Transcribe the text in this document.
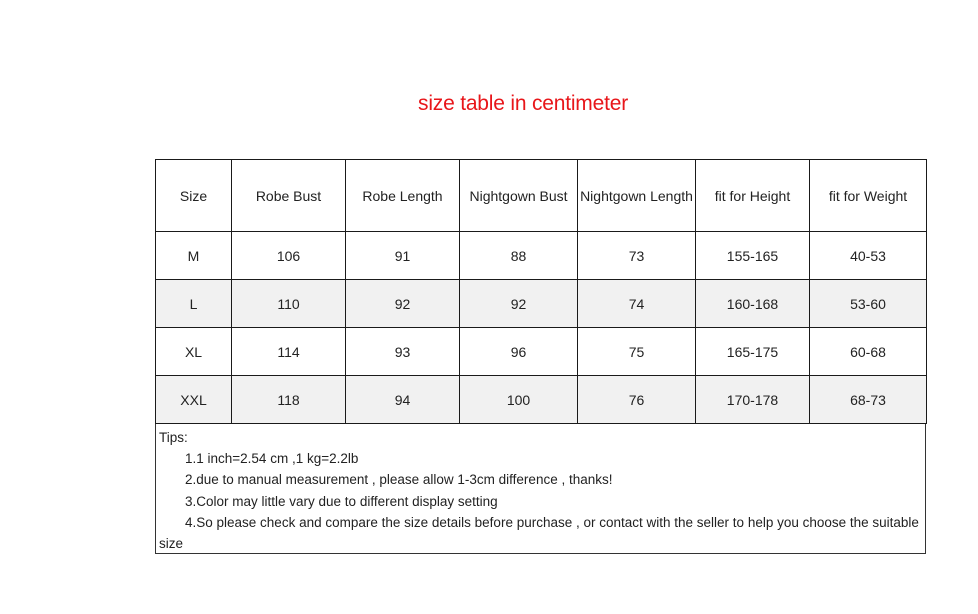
size table in centimeter
Size	Robe Bust	Robe Length	Nightgown Bust	Nightgown Length	fit for Height	fit for Weight
M	106	91	88	73	155-165	40-53
L	110	92	92	74	160-168	53-60
XL	114	93	96	75	165-175	60-68
XXL	118	94	100	76	170-178	68-73
Tips:
1.1 inch=2.54 cm ,1 kg=2.2lb
2.due to manual measurement , please allow 1-3cm difference , thanks!
3.Color may little vary due to different display setting
4.So please check and compare the size details before purchase , or contact with the seller to help you choose the suitable size
